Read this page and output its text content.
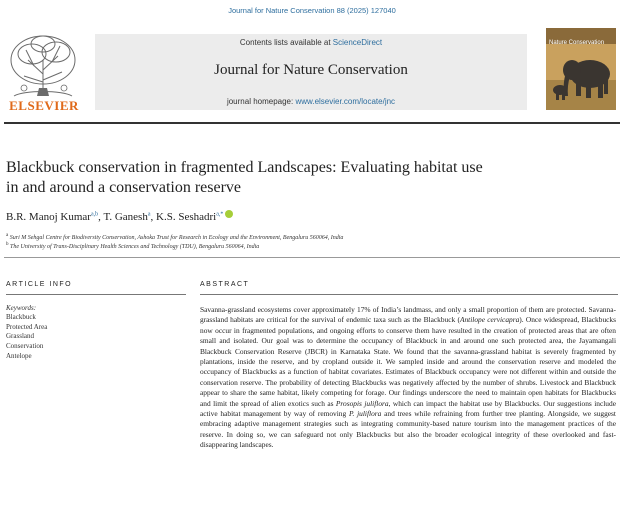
Journal for Nature Conservation 88 (2025) 127040
ELSEVIER
Contents lists available at ScienceDirect
Journal for Nature Conservation
journal homepage: www.elsevier.com/locate/jnc
Nature Conservation
Blackbuck conservation in fragmented Landscapes: Evaluating habitat use
in and around a conservation reserve
B.R. Manoj Kumar$^{a,b}$, T. Ganesh$^a$, K.S. Seshadri$^{a,*}$
$^a$ Suri M Sehgal Centre for Biodiversity Conservation, Ashoka Trust for Research in Ecology and the Environment, Bengaluru 560064, India
$^b$ The University of Trans-Disciplinary Health Sciences and Technology (TDU), Bengaluru 560064, India
ARTICLE INFO	ABSTRACT
Keywords:
Blackbuck
Protected Area
Grassland
Conservation
Antelope

Savanna-grassland ecosystems cover approximately 17% of India’s landmass, and only a small proportion of them are protected. Savanna-grassland habitats are critical for the survival of endemic taxa such as the Blackbuck (Antilope cervicapra). Once widespread, Blackbucks now occur in fragmented populations, and ongoing efforts to conserve them have resulted in the creation of protected areas that are often small and isolated. Our goal was to determine the occupancy of Blackbuck in and around one such protected area, the Jayamangali Blackbuck Conservation Reserve (JBCR) in Karnataka State. We found that the savanna-grassland habitat is severely fragmented by plantations, inside the reserve, and by cropland outside it. We sampled inside and around the conservation reserve and modeled the occupancy of Blackbucks as a function of habitat covariates. Estimates of Blackbuck occupancy were not different within and outside the conservation reserve. The probability of detecting Blackbucks was negatively affected by the number of shrubs. Livestock and Blackbuck appear to share the same habitat, likely competing for forage. Our findings underscore the need to maintain open habitats for Blackbucks and limit the spread of alien exotics such as Prosopis juliflora, which can impact the habitat use by Blackbucks. Our suggestions include active habitat management by way of removing P. juliflora and trees while refraining from further tree planting. Alongside, we suggest embracing adaptive management strategies such as integrating community-based nature tourism into the management practices of the reserve. In doing so, we can safeguard not only Blackbucks but also the broader ecological integrity of these overlooked and fast-disappearing landscapes.
